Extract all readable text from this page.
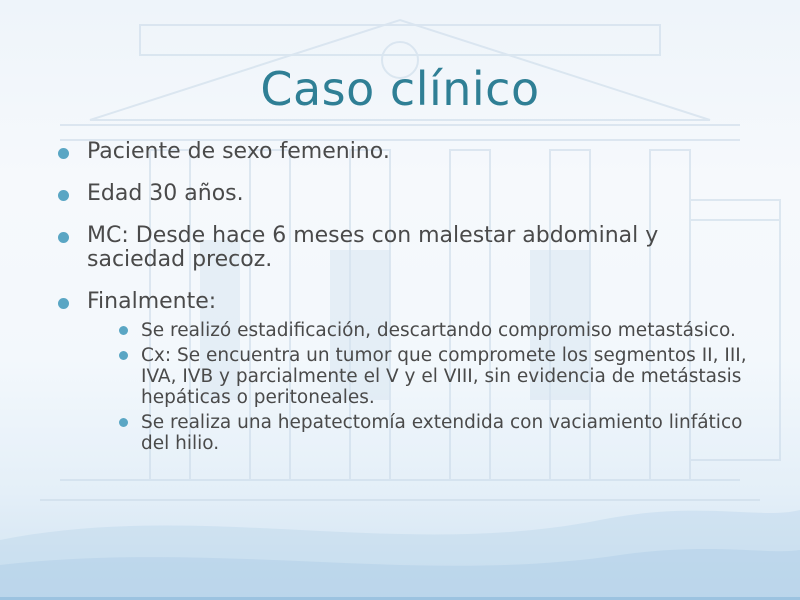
Caso clínico
Paciente de sexo femenino.
Edad 30 años.
MC: Desde hace 6 meses con malestar abdominal y saciedad precoz.
Finalmente:
Se realizó estadificación, descartando compromiso metastásico.
Cx: Se encuentra un tumor que compromete los segmentos II, III, IVA, IVB y parcialmente el V y el VIII, sin evidencia de metástasis hepáticas o peritoneales.
Se realiza una hepatectomía extendida con vaciamiento linfático del hilio.
